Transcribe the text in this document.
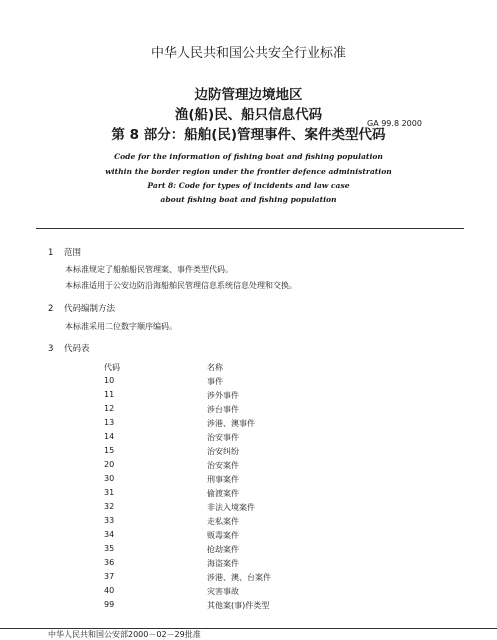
中华人民共和国公共安全行业标准
边防管理边境地区
渔(船)民、船只信息代码
第 8 部分：船舶(民)管理事件、案件类型代码
GA 99.8 2000
Code for the information of fishing boat and fishing population
within the border region under the frontier defence administration
Part 8: Code for types of incidents and law case
about fishing boat and fishing population
1 范围
本标准规定了船舶船民管理案、事件类型代码。
本标准适用于公安边防沿海船舶民管理信息系统信息处理和交换。
2 代码编制方法
本标准采用二位数字顺序编码。
3 代码表
代码	名称
10	事件
11	涉外事件
12	涉台事件
13	涉港、澳事件
14	治安事件
15	治安纠纷
20	治安案件
30	刑事案件
31	偷渡案件
32	非法入境案件
33	走私案件
34	贩毒案件
35	抢劫案件
36	海盗案件
37	涉港、澳、台案件
40	灾害事故
99	其他案(事)件类型
中华人民共和国公安部2000－02－29批准
